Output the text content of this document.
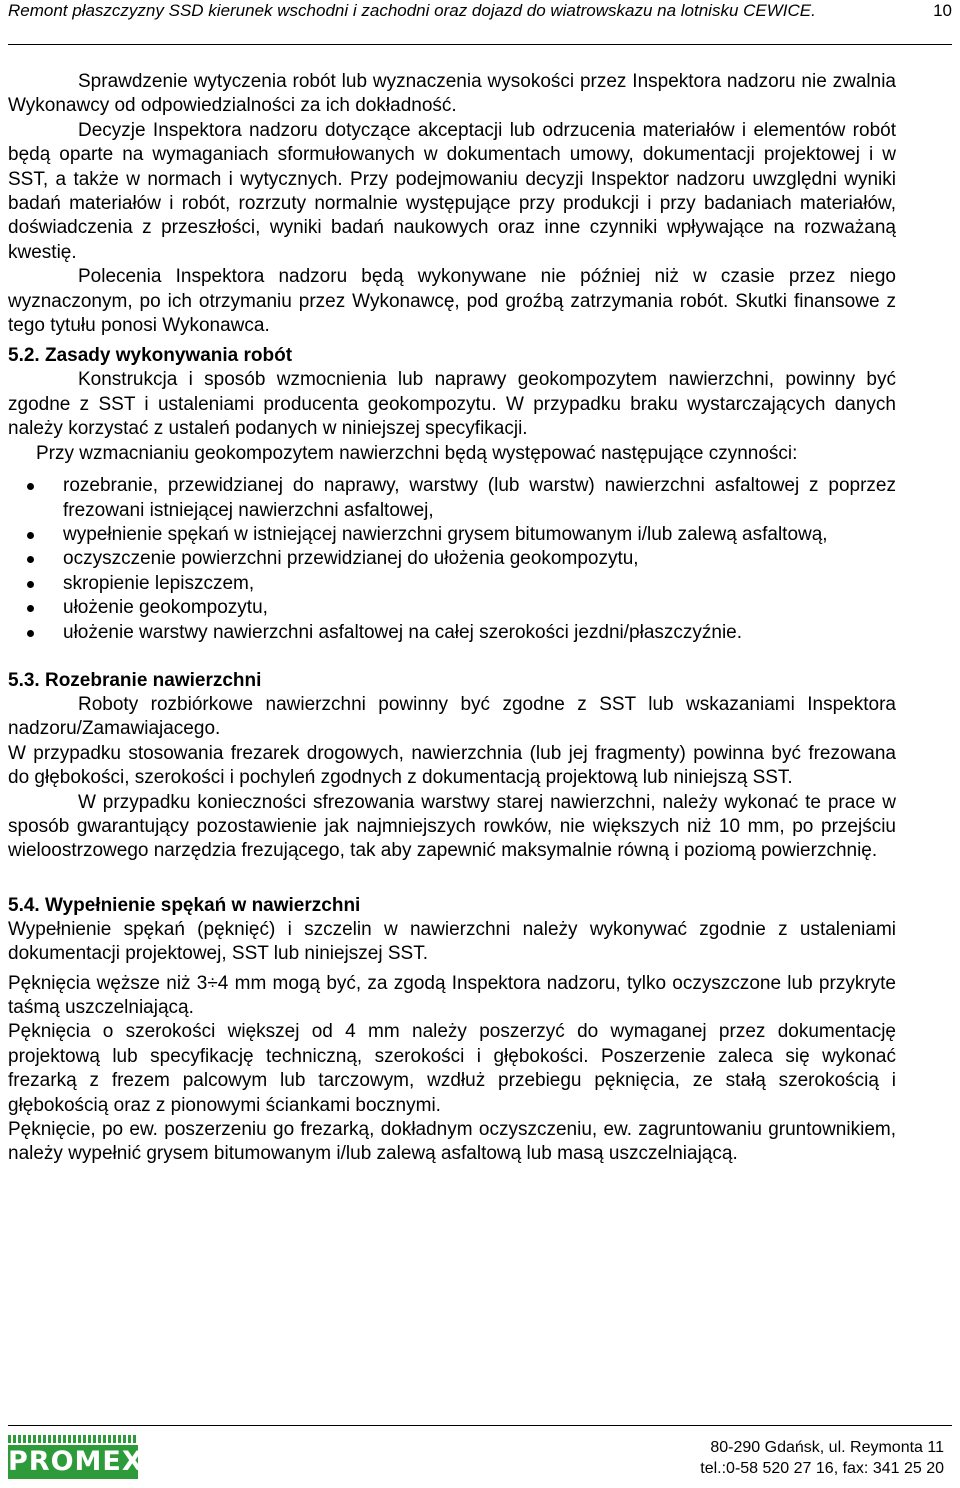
Remont płaszczyzny SSD kierunek wschodni i zachodni oraz dojazd do wiatrowskazu na lotnisku CEWICE.	10

Sprawdzenie wytyczenia robót lub wyznaczenia wysokości przez Inspektora nadzoru nie zwalnia Wykonawcy od odpowiedzialności za ich dokładność.

Decyzje Inspektora nadzoru dotyczące akceptacji lub odrzucenia materiałów i elementów robót będą oparte na wymaganiach sformułowanych w dokumentach umowy, dokumentacji projektowej i w SST, a także w normach i wytycznych. Przy podejmowaniu decyzji Inspektor nadzoru uwzględni wyniki badań materiałów i robót, rozrzuty normalnie występujące przy produkcji i przy badaniach materiałów, doświadczenia z przeszłości, wyniki badań naukowych oraz inne czynniki wpływające na rozważaną kwestię.

Polecenia Inspektora nadzoru będą wykonywane nie później niż w czasie przez niego wyznaczonym, po ich otrzymaniu przez Wykonawcę, pod groźbą zatrzymania robót. Skutki finansowe z tego tytułu ponosi Wykonawca.

5.2. Zasady wykonywania robót

Konstrukcja i sposób wzmocnienia lub naprawy geokompozytem nawierzchni, powinny być zgodne z SST i ustaleniami producenta geokompozytu. W przypadku braku wystarczających danych należy korzystać z ustaleń podanych w niniejszej specyfikacji.

Przy wzmacnianiu geokompozytem nawierzchni będą występować następujące czynności:

rozebranie, przewidzianej do naprawy, warstwy (lub warstw) nawierzchni asfaltowej z poprzez frezowani istniejącej nawierzchni asfaltowej,
wypełnienie spękań w istniejącej nawierzchni grysem bitumowanym i/lub zalewą asfaltową,
oczyszczenie powierzchni przewidzianej do ułożenia geokompozytu,
skropienie lepiszczem,
ułożenie geokompozytu,
ułożenie warstwy nawierzchni asfaltowej na całej szerokości jezdni/płaszczyźnie.
5.3. Rozebranie nawierzchni

Roboty rozbiórkowe nawierzchni powinny być zgodne z SST lub wskazaniami Inspektora nadzoru/Zamawiajacego.

W przypadku stosowania frezarek drogowych, nawierzchnia (lub jej fragmenty) powinna być frezowana do głębokości, szerokości i pochyleń zgodnych z dokumentacją projektową lub niniejszą SST.

W przypadku konieczności sfrezowania warstwy starej nawierzchni, należy wykonać te prace w sposób gwarantujący pozostawienie jak najmniejszych rowków, nie większych niż 10 mm, po przejściu wieloostrzowego narzędzia frezującego, tak aby zapewnić maksymalnie równą i poziomą powierzchnię.

5.4. Wypełnienie spękań w nawierzchni

Wypełnienie spękań (pęknięć) i szczelin w nawierzchni należy wykonywać zgodnie z ustaleniami dokumentacji projektowej, SST lub niniejszej SST.

Pęknięcia węższe niż 3÷4 mm mogą być, za zgodą Inspektora nadzoru, tylko oczyszczone lub przykryte taśmą uszczelniającą.

Pęknięcia o szerokości większej od 4 mm należy poszerzyć do wymaganej przez dokumentację projektową lub specyfikację techniczną, szerokości i głębokości. Poszerzenie zaleca się wykonać frezarką z frezem palcowym lub tarczowym, wzdłuż przebiegu pęknięcia, ze stałą szerokością i głębokością oraz z pionowymi ściankami bocznymi.

Pęknięcie, po ew. poszerzeniu go frezarką, dokładnym oczyszczeniu, ew. zagruntowaniu gruntownikiem, należy wypełnić grysem bitumowanym i/lub zalewą asfaltową lub masą uszczelniającą.

PROMEX	80-290 Gdańsk, ul. Reymonta 11
tel.:0-58 520 27 16, fax: 341 25 20
